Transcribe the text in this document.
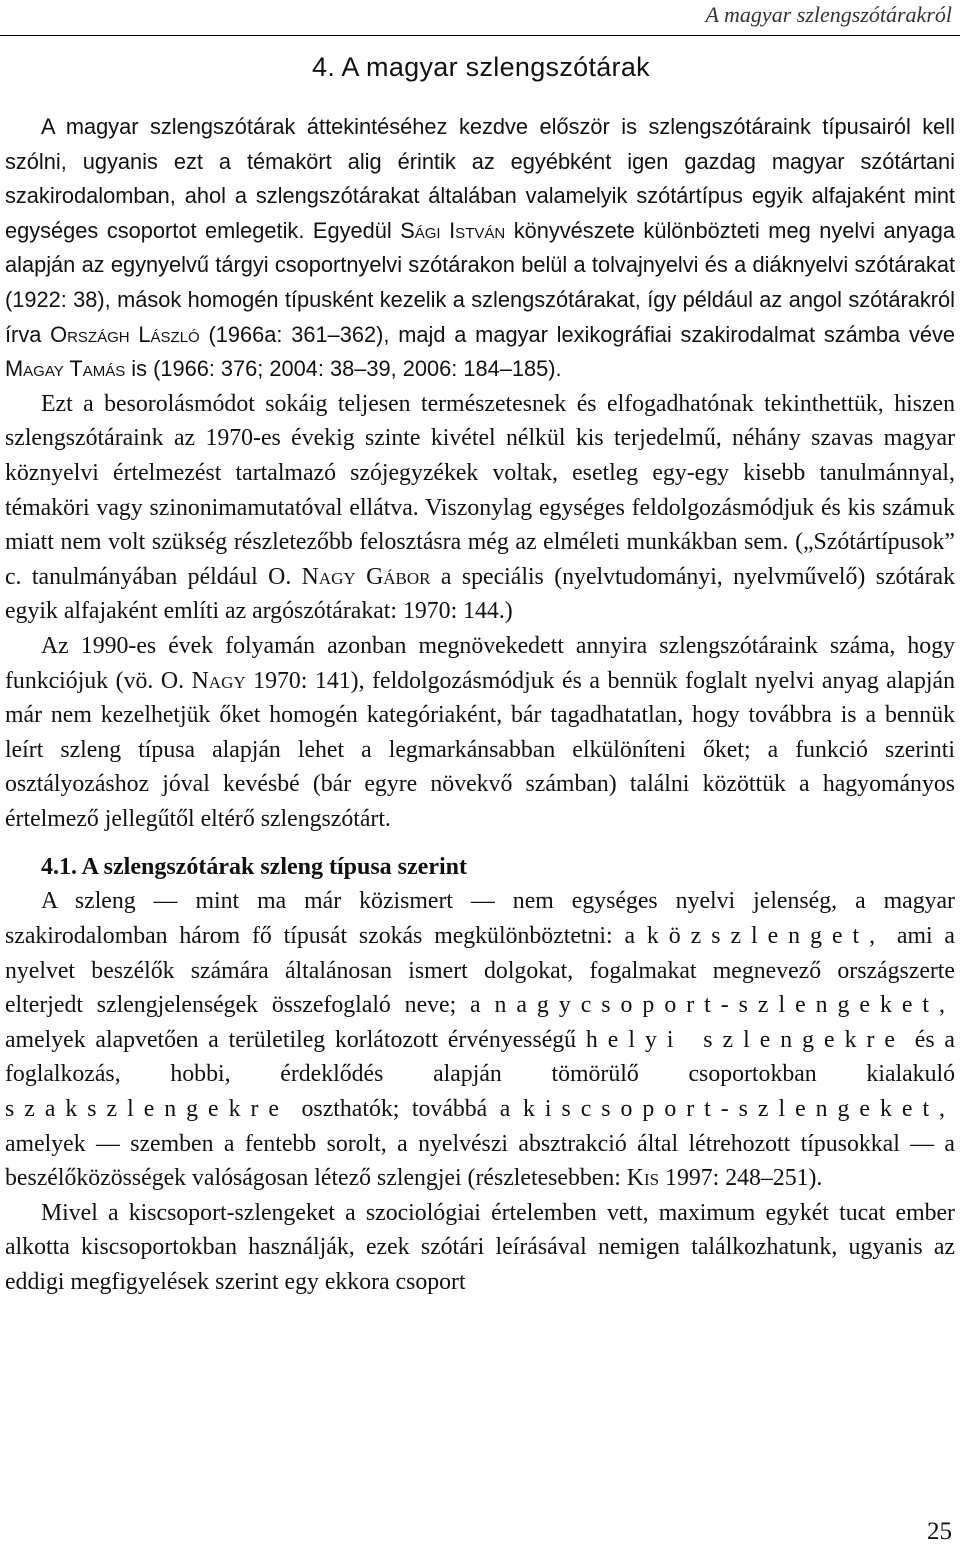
A magyar szlengszótárakról
4. A magyar szlengszótárak

A magyar szlengszótárak áttekintéséhez kezdve először is szlengszótáraink típusairól kell szólni, ugyanis ezt a témakört alig érintik az egyébként igen gazdag magyar szótártani szakirodalomban, ahol a szlengszótárakat általában valamelyik szótártípus egyik alfajaként mint egységes csoportot emlegetik. Egyedül Sági István könyvészete különbözteti meg nyelvi anyaga alapján az egynyelvű tárgyi csoportnyelvi szótárakon belül a tolvajnyelvi és a diáknyelvi szótárakat (1922: 38), mások homogén típusként kezelik a szlengszótárakat, így például az angol szótárakról írva Országh László (1966a: 361–362), majd a magyar lexikográfiai szakirodalmat számba véve Magay Tamás is (1966: 376; 2004: 38–39, 2006: 184–185).

Ezt a besorolásmódot sokáig teljesen természetesnek és elfogadhatónak tekinthettük, hiszen szlengszótáraink az 1970-es évekig szinte kivétel nélkül kis terjedelmű, néhány szavas magyar köznyelvi értelmezést tartalmazó szójegyzékek voltak, esetleg egy-egy kisebb tanulmánnyal, témaköri vagy szinonimamutatóval ellátva. Viszonylag egységes feldolgozásmódjuk és kis számuk miatt nem volt szükség részletezőbb felosztásra még az elméleti munkákban sem. („Szótártípusok” c. tanulmányában például O. Nagy Gábor a speciális (nyelvtudományi, nyelvművelő) szótárak egyik alfajaként említi az argószótárakat: 1970: 144.)

Az 1990-es évek folyamán azonban megnövekedett annyira szlengszótáraink száma, hogy funkciójuk (vö. O. Nagy 1970: 141), feldolgozásmódjuk és a bennük foglalt nyelvi anyag alapján már nem kezelhetjük őket homogén kategóriaként, bár tagadhatatlan, hogy továbbra is a bennük leírt szleng típusa alapján lehet a legmarkánsabban elkülöníteni őket; a funkció szerinti osztályozáshoz jóval kevésbé (bár egyre növekvő számban) találni közöttük a hagyományos értelmező jellegűtől eltérő szlengszótárt.

4.1. A szlengszótárak szleng típusa szerint

A szleng — mint ma már közismert — nem egységes nyelvi jelenség, a magyar szakirodalomban három fő típusát szokás megkülönböztetni: a közszlenget, ami a nyelvet beszélők számára általánosan ismert dolgokat, fogalmakat megnevező országszerte elterjedt szlengjelenségek összefoglaló neve; a nagycsoport-szlengeket, amelyek alapvetően a területileg korlátozott érvényességű helyi szlengekre és a foglalkozás, hobbi, érdeklődés alapján tömörülő csoportokban kialakuló szakszlengekre oszthatók; továbbá a kiscsoport-szlengeket, amelyek — szemben a fentebb sorolt, a nyelvészi absztrakció által létrehozott típusokkal — a beszélőközösségek valóságosan létező szlengjei (részletesebben: Kis 1997: 248–251).

Mivel a kiscsoport-szlengeket a szociológiai értelemben vett, maximum egykét tucat ember alkotta kiscsoportokban használják, ezek szótári leírásával nemigen találkozhatunk, ugyanis az eddigi megfigyelések szerint egy ekkora csoport

25
